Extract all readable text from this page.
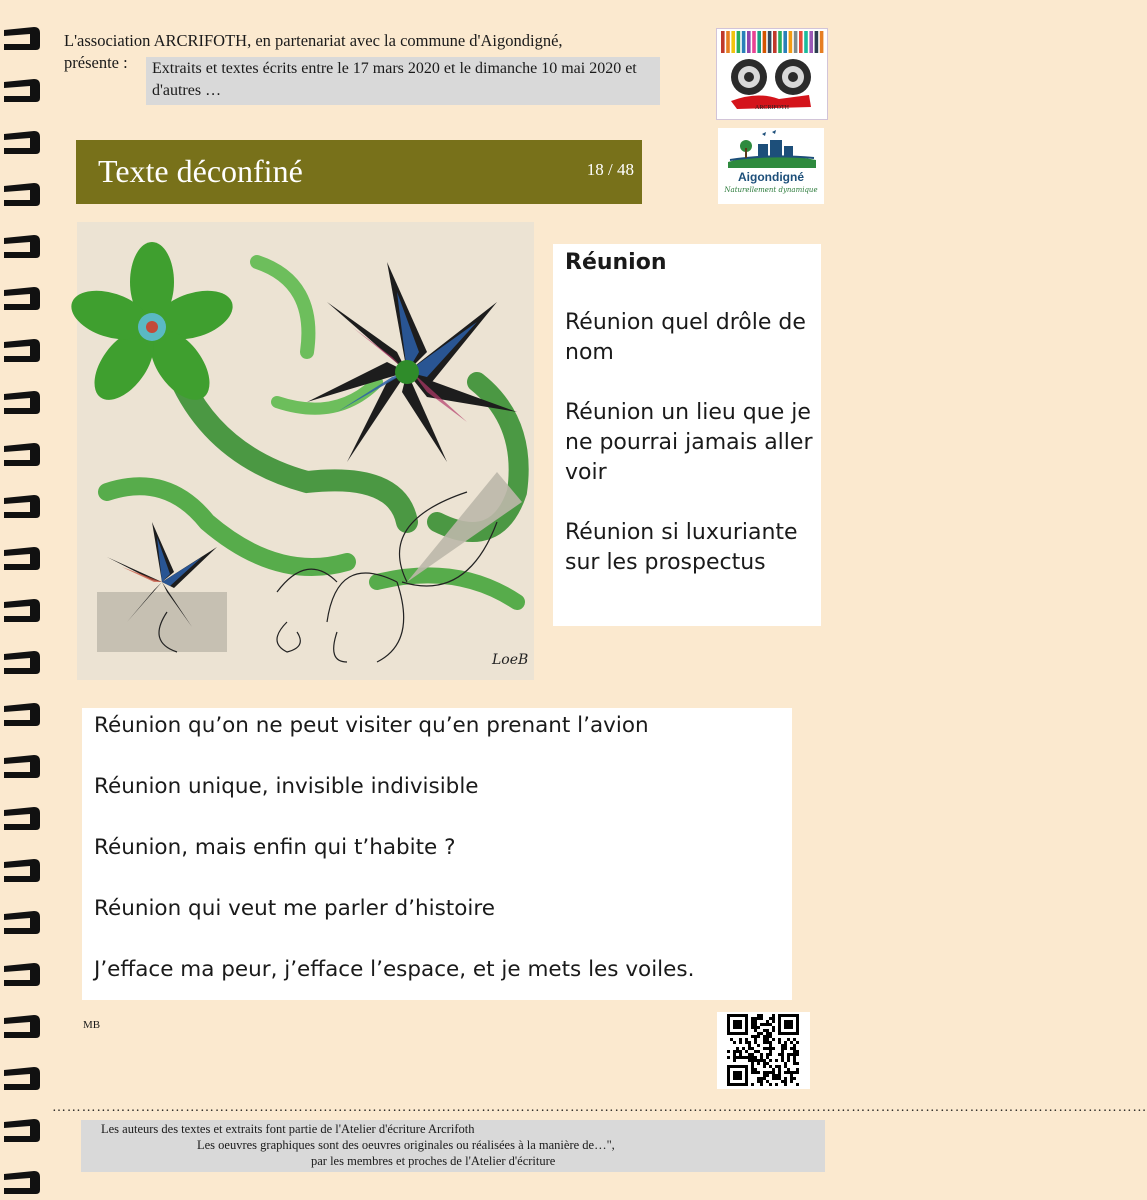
L'association ARCRIFOTH, en partenariat avec la commune d'Aigondigné,
présente :	Extraits et textes écrits entre le 17 mars 2020 et le dimanche 10 mai 2020 et d'autres …
Texte déconfiné	18 / 48
ARCRIFOTH
Aigondigné
Naturellement dynamique
LoeB

Réunion

Réunion quel drôle de nom

Réunion un lieu que je ne pourrai jamais aller voir

Réunion si luxuriante sur les prospectus

Réunion qu’on ne peut visiter qu’en prenant l’avion

Réunion unique, invisible indivisible

Réunion, mais enfin qui t’habite ?

Réunion qui veut me parler d’histoire

J’efface ma peur, j’efface l’espace, et je mets les voiles.

MB
……………………………………………………………………………………………………………………………………………………………………………………………………
Les auteurs des textes et extraits font partie de l'Atelier d'écriture Arcrifoth
Les oeuvres graphiques sont des oeuvres originales ou réalisées à la manière de…",
par les membres et proches de l'Atelier d'écriture
